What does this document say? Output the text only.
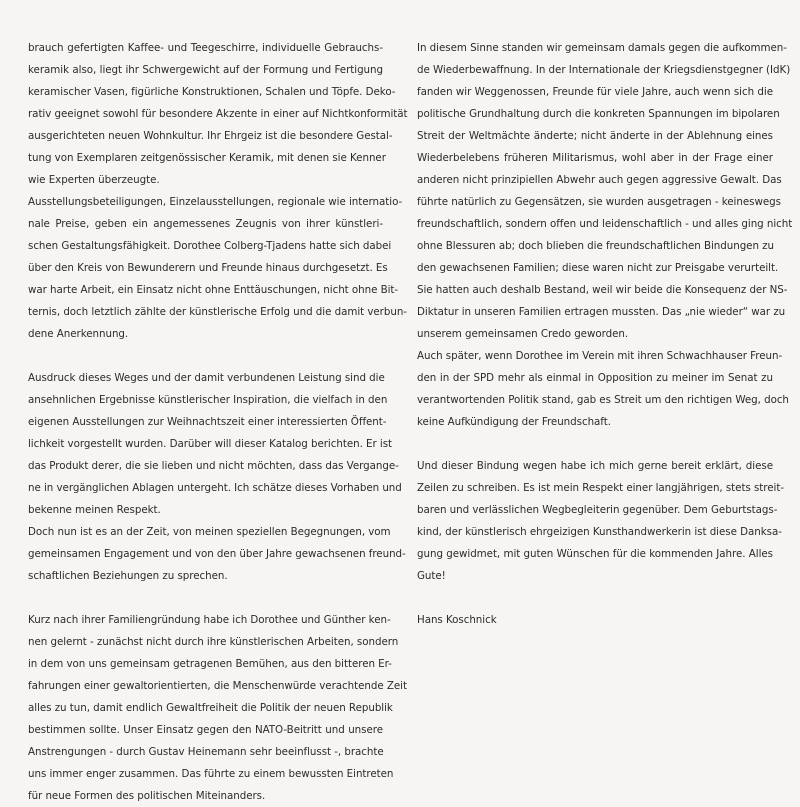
brauch gefertigten Kaffee- und Teegeschirre, individuelle Gebrauchs-
keramik also, liegt ihr Schwergewicht auf der Formung und Fertigung
keramischer Vasen, figürliche Konstruktionen, Schalen und Töpfe. Deko-
rativ geeignet sowohl für besondere Akzente in einer auf Nichtkonformität
ausgerichteten neuen Wohnkultur. Ihr Ehrgeiz ist die besondere Gestal-
tung von Exemplaren zeitgenössischer Keramik, mit denen sie Kenner
wie Experten überzeugte.
Ausstellungsbeteiligungen, Einzelausstellungen, regionale wie internatio-
nale Preise, geben ein angemessenes Zeugnis von ihrer künstleri-
schen Gestaltungsfähigkeit. Dorothee Colberg-Tjadens hatte sich dabei
über den Kreis von Bewunderern und Freunde hinaus durchgesetzt. Es
war harte Arbeit, ein Einsatz nicht ohne Enttäuschungen, nicht ohne Bit-
ternis, doch letztlich zählte der künstlerische Erfolg und die damit verbun-
dene Anerkennung.
Ausdruck dieses Weges und der damit verbundenen Leistung sind die
ansehnlichen Ergebnisse künstlerischer Inspiration, die vielfach in den
eigenen Ausstellungen zur Weihnachtszeit einer interessierten Öffent-
lichkeit vorgestellt wurden. Darüber will dieser Katalog berichten. Er ist
das Produkt derer, die sie lieben und nicht möchten, dass das Vergange-
ne in vergänglichen Ablagen untergeht. Ich schätze dieses Vorhaben und
bekenne meinen Respekt.
Doch nun ist es an der Zeit, von meinen speziellen Begegnungen, vom
gemeinsamen Engagement und von den über Jahre gewachsenen freund-
schaftlichen Beziehungen zu sprechen.
Kurz nach ihrer Familiengründung habe ich Dorothee und Günther ken-
nen gelernt - zunächst nicht durch ihre künstlerischen Arbeiten, sondern
in dem von uns gemeinsam getragenen Bemühen, aus den bitteren Er-
fahrungen einer gewaltorientierten, die Menschenwürde verachtende Zeit
alles zu tun, damit endlich Gewaltfreiheit die Politik der neuen Republik
bestimmen sollte. Unser Einsatz gegen den NATO-Beitritt und unsere
Anstrengungen - durch Gustav Heinemann sehr beeinflusst -, brachte
uns immer enger zusammen. Das führte zu einem bewussten Eintreten
für neue Formen des politischen Miteinanders.
In diesem Sinne standen wir gemeinsam damals gegen die aufkommen-
de Wiederbewaffnung. In der Internationale der Kriegsdienstgegner (IdK)
fanden wir Weggenossen, Freunde für viele Jahre, auch wenn sich die
politische Grundhaltung durch die konkreten Spannungen im bipolaren
Streit der Weltmächte änderte; nicht änderte in der Ablehnung eines
Wiederbelebens früheren Militarismus, wohl aber in der Frage einer
anderen nicht prinzipiellen Abwehr auch gegen aggressive Gewalt. Das
führte natürlich zu Gegensätzen, sie wurden ausgetragen - keineswegs
freundschaftlich, sondern offen und leidenschaftlich - und alles ging nicht
ohne Blessuren ab; doch blieben die freundschaftlichen Bindungen zu
den gewachsenen Familien; diese waren nicht zur Preisgabe verurteilt.
Sie hatten auch deshalb Bestand, weil wir beide die Konsequenz der NS-
Diktatur in unseren Familien ertragen mussten. Das „nie wieder“ war zu
unserem gemeinsamen Credo geworden.
Auch später, wenn Dorothee im Verein mit ihren Schwachhauser Freun-
den in der SPD mehr als einmal in Opposition zu meiner im Senat zu
verantwortenden Politik stand, gab es Streit um den richtigen Weg, doch
keine Aufkündigung der Freundschaft.
Und dieser Bindung wegen habe ich mich gerne bereit erklärt, diese
Zeilen zu schreiben. Es ist mein Respekt einer langjährigen, stets streit-
baren und verlässlichen Wegbegleiterin gegenüber. Dem Geburtstags-
kind, der künstlerisch ehrgeizigen Kunsthandwerkerin ist diese Danksa-
gung gewidmet, mit guten Wünschen für die kommenden Jahre. Alles
Gute!
Hans Koschnick
